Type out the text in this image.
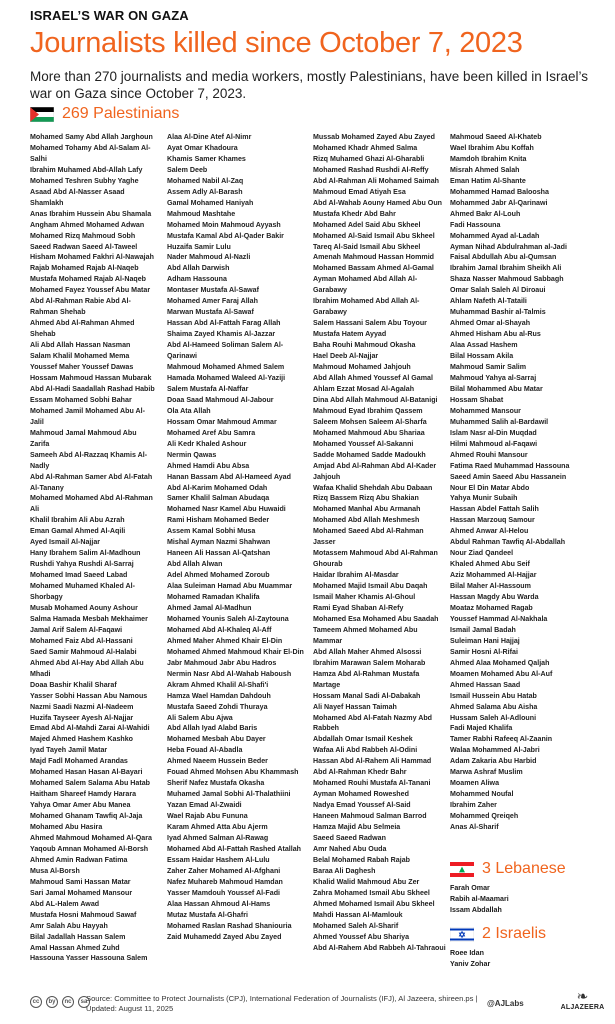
ISRAEL’S WAR ON GAZA
Journalists killed since October 7, 2023
More than 270 journalists and media workers, mostly Palestinians, have been killed in Israel’s war on Gaza since October 7, 2023.
269 Palestinians
Mohamed Samy Abd Allah Jarghoun
Mohamed Tohamy Abd Al-Salam Al-Salhi
Ibrahim Muhamed Abd-Allah Lafy
Mohamed Teshren Subhy Yaghe
Asaad Abd Al-Nasser Asaad Shamlakh
Anas Ibrahim Hussein Abu Shamala
Angham Ahmed Mohamed Adwan
Mohamed Rizq Mahmoud Sobh
Saeed Radwan Saeed Al-Taweel
Hisham Mohamed Fakhri Al-Nawajah
Rajab Mohamed Rajab Al-Naqeb
Mustafa Mohamed Rajab Al-Naqeb
Mohamed Fayez Youssef Abu Matar
Abd Al-Rahman Rabie Abd Al-Rahman Shehab
Ahmed Abd Al-Rahman Ahmed Shehab
Ali Abd Allah Hassan Nasman
Salam Khalil Mohamed Mema
Youssef Maher Youssef Dawas
Hossam Mahmoud Hassan Mubarak
Abd Al-Hadi Saadallah Rashad Habib
Essam Mohamed Sobhi Bahar
Mohamed Jamil Mohamed Abu Al-Jalil
Mahmoud Jamal Mahmoud Abu Zarifa
Sameeh Abd Al-Razzaq Khamis Al-Nadly
Abd Al-Rahman Samer Abd Al-Fatah Al-Tanany
Mohamed Mohamed Abd Al-Rahman Ali
Khalil Ibrahim Ali Abu Azrah
Eman Gamal Ahmed Al-Aqili
Ayed Ismail Al-Najjar
Hany Ibrahem Salim Al-Madhoun
Rushdi Yahya Rushdi Al-Sarraj
Mohamed Imad Saeed Labad
Mohamed Muhamed Khaled Al-Shorbagy
Musab Mohamed Aouny Ashour
Salma Hamada Mesbah Mekhaimer
Jamal Arif Salem Al-Faqawi
Mohamed Faiz Abd Al-Hassani
Saed Samir Mahmoud Al-Halabi
Ahmed Abd Al-Hay Abd Allah Abu Mhadi
Doaa Bashir Khalil Sharaf
Yasser Sobhi Hassan Abu Namous
Nazmi Saadi Nazmi Al-Nadeem
Huzifa Tayseer Ayesh Al-Najjar
Emad Abd Al-Mahdi Zarai Al-Wahidi
Majed Ahmed Hashem Kashko
Iyad Tayeh Jamil Matar
Majd Fadl Mohamed Arandas
Mohamed Hasan Hasan Al-Bayari
Mohamed Salem Salama Abu Hatab
Haitham Shareef Hamdy Harara
Yahya Omar Amer Abu Manea
Mohamed Ghanam Tawfiq Al-Jaja
Mohamed Abu Hasira
Ahmed Mahmoud Mohamed Al-Qara
Yaqoub Amnan Mohamed Al-Borsh
Ahmed Amin Radwan Fatima
Musa Al-Borsh
Mahmoud Sami Hassan Matar
Sari Jamal Mohamed Mansour
Abd AL-Halem Awad
Mustafa Hosni Mahmoud Sawaf
Amr Salah Abu Hayyah
Bilal Jadallah Hassan Salem
Amal Hassan Ahmed Zuhd
Hassouna Yasser Hassouna Salem
Alaa Al-Dine Atef Al-Nimr
Ayat Omar Khadoura
Khamis Samer Khames
Salem Deeb
Mohamed Nabil Al-Zaq
Assem Adly Al-Barash
Gamal Mohamed Haniyah
Mahmoud Mashtahe
Mohamed Moin Mahmoud Ayyash
Mustafa Kamal Abd Al-Qader Bakir
Huzaifa Samir Lulu
Nader Mahmoud Al-Nazli
Abd Allah Darwish
Adham Hassouna
Montaser Mustafa Al-Sawaf
Mohamed Amer Faraj Allah
Marwan Mustafa Al-Sawaf
Hassan Abd Al-Fattah Farag Allah
Shaima Zayed Khamis Al-Jazzar
Abd Al-Hameed Soliman Salem Al-Qarinawi
Mahmoud Mohamed Ahmed Salem
Hamada Mohamed Waleed Al-Yaziji
Salem Mustafa Al-Naffar
Doaa Saad Mahmoud Al-Jabour
Ola Ata Allah
Hossam Omar Mahmoud Ammar
Mohamed Aref Abu Samra
Ali Kedr Khaled Ashour
Nermin Qawas
Ahmed Hamdi Abu Absa
Hanan Bassam Abd Al-Hameed Ayad
Abd Al-Karim Mohamed Odah
Samer Khalil Salman Abudaqa
Mohamed Nasr Kamel Abu Huwaidi
Rami Hisham Mohamed Beder
Assem Kamal Sobhi Musa
Mishal Ayman Nazmi Shahwan
Haneen Ali Hassan Al-Qatshan
Abd Allah Alwan
Adel Ahmed Mohamed Zoroub
Alaa Suleiman Hamad Abu Muammar
Mohamed Ramadan Khalifa
Ahmed Jamal Al-Madhun
Mohamed Younis Saleh Al-Zaytouna
Mohamed Abd Al-Khaleq Al-Aff
Ahmed Maher Ahmed Khair El-Din
Mohamed Ahmed Mahmoud Khair El-Din
Jabr Mahmoud Jabr Abu Hadros
Nermin Nasr Abd Al-Wahab Haboush
Akram Ahmed Khalil Al-Shafi'i
Hamza Wael Hamdan Dahdouh
Mustafa Saeed Zohdi Thuraya
Ali Salem Abu Ajwa
Abd Allah Iyad Alabd Baris
Mohamed Mesbah Abu Dayer
Heba Fouad Al-Abadla
Ahmed Naeem Hussein Beder
Fouad Ahmed Mohsen Abu Khammash
Sherif Nafez Mustafa Okasha
Muhamed Jamal Sobhi Al-Thalathiini
Yazan Emad Al-Zwaidi
Wael Rajab Abu Fununa
Karam Ahmed Atta Abu Ajerm
Iyad Ahmed Salman Al-Rawag
Mohamed Abd Al-Fattah Rashed Atallah
Essam Haidar Hashem Al-Lulu
Zaher Zaher Mohamed Al-Afghani
Nafez Muhareb Mahmoud Hamdan
Yasser Mamdouh Youssef Al-Fadi
Alaa Hassan Ahmoud Al-Hams
Mutaz Mustafa Al-Ghafri
Mohamed Raslan Rashad Shaniouria
Zaid Muhamedd Zayed Abu Zayed
Mussab Mohamed Zayed Abu Zayed
Mohamed Khadr Ahmed Salma
Rizq Muhamed Ghazi Al-Gharabli
Mohamed Rashad Rushdi Al-Reffy
Abd Al-Rahman Ali Mohamed Saimah
Mahmoud Emad Atiyah Esa
Abd Al-Wahab Aouny Hamed Abu Oun
Mustafa Khedr Abd Bahr
Mohamed Adel Said Abu Skheel
Mohamed Al-Said Ismail Abu Skheel
Tareq Al-Said Ismail Abu Skheel
Amenah Mahmoud Hassan Hommid
Mohamed Bassam Ahmed Al-Gamal
Ayman Mohamed Abd Allah Al-Garabawy
Ibrahim Mohamed Abd Allah Al-Garabawy
Salem Hassani Salem Abu Toyour
Mustafa Hatem Ayyad
Baha Rouhi Mahmoud Okasha
Hael Deeb Al-Najjar
Mahmoud Mohamed Jahjouh
Abd Allah Ahmed Youssef Al Gamal
Ahlam Ezzat Mosad Al-Agalah
Dina Abd Allah Mahmoud Al-Batanigi
Mahmoud Eyad Ibrahim Qassem
Saleem Mohsen Saleem Al-Sharfa
Mohamed Mahmoud Abu Shariaa
Mohamed Youssef Al-Sakanni
Sadde Mohamed Sadde Madoukh
Amjad Abd Al-Rahman Abd Al-Kader Jahjouh
Wafaa Khalid Shehdah Abu Dabaan
Rizq Bassem Rizq Abu Shakian
Mohamed Manhal Abu Armanah
Mohamed Abd Allah Meshmesh
Mohamed Saeed Abd Al-Rahman Jasser
Motassem Mahmoud Abd Al-Rahman Ghourab
Haidar Ibrahim Al-Masdar
Mohamed Majid Ismail Abu Daqah
Ismail Maher Khamis Al-Ghoul
Rami Eyad Shaban Al-Refy
Mohamed Esa Mohamed Abu Saadah
Tameem Ahmed Mohamed Abu Mammar
Abd Allah Maher Ahmed Alsossi
Ibrahim Marawan Salem Moharab
Hamza Abd Al-Rahman Mustafa Martage
Hossam Manal Sadi Al-Dabakah
Ali Nayef Hassan Taimah
Mohamed Abd Al-Fatah Nazmy Abd Rabbeh
Abdallah Omar Ismail Keshek
Wafaa Ali Abd Rabbeh Al-Odini
Hassan Abd Al-Rahem Ali Hammad
Abd Al-Rahman Khedr Bahr
Mohamed Rouhi Mustafa Al-Tanani
Ayman Mohamed Roweshed
Nadya Emad Youssef Al-Said
Haneen Mahmoud Salman Barrod
Hamza Majid Abu Selmeia
Saeed Saeed Radwan
Amr Nahed Abu Ouda
Belal Mohamed Rabah Rajab
Baraa Ali Daghesh
Khalid Walid Mahmoud Abu Zer
Zahra Mohamed Ismail Abu Skheel
Ahmed Mohamed Ismail Abu Skheel
Mahdi Hassan Al-Mamlouk
Mohamed Saleh Al-Sharif
Ahmed Youssef Abu Shariya
Abd Al-Rahem Abd Rabbeh Al-Tahraoui
Mahmoud Saeed Al-Khateb
Wael Ibrahim Abu Koffah
Mamdoh Ibrahim Knita
Misrah Ahmed Salah
Eman Hatim Al-Shante
Mohammed Hamad Baloosha
Mohammed Jabr Al-Qarinawi
Ahmed Bakr Al-Louh
Fadi Hassouna
Mohammed Ayad al-Ladah
Ayman Nihad Abdulrahman al-Jadi
Faisal Abdullah Abu al-Qumsan
Ibrahim Jamal Ibrahim Sheikh Ali
Shaza Nasser Mahmoud Sabbagh
Omar Salah Saleh Al Diroaui
Ahlam Nafeth Al-Tataili
Muhammad Bashir al-Talmis
Ahmed Omar al-Shayah
Ahmed Hisham Abu al-Rus
Alaa Assad Hashem
Bilal Hossam Akila
Mahmoud Samir Salim
Mahmoud Yahya al-Sarraj
Bilal Mohammed Abu Matar
Hossam Shabat
Mohammed Mansour
Muhammed Salih al-Bardawil
Islam Nasr al-Din Muqdad
Hilmi Mahmoud al-Faqawi
Ahmed Rouhi Mansour
Fatima Raed Muhammad Hassouna
Saeed Amin Saeed Abu Hassanein
Nour El Din Matar Abdo
Yahya Munir Subaih
Hassan Abdel Fattah Salih
Hassan Marzouq Samour
Ahmed Anwar Al-Helou
Abdul Rahman Tawfiq Al-Abdallah
Nour Ziad Qandeel
Khaled Ahmed Abu Seif
Aziz Mohammed Al-Hajjar
Bilal Maher Al-Hassoum
Hassan Magdy Abu Warda
Moataz Mohamed Ragab
Youssef Hammad Al-Nakhala
Ismail Jamal Badah
Suleiman Hani Hajjaj
Samir Hosni Al-Rifai
Ahmed Alaa Mohamed Qaljah
Moamen Mohamed Abu Al-Auf
Ahmed Hassan Saad
Ismail Hussein Abu Hatab
Ahmed Salama Abu Aisha
Hussam Saleh Al-Adlouni
Fadi Majed Khalifa
Tamer Rabhi Rafeeq Al-Zaanin
Walaa Mohammed Al-Jabri
Adam Zakaria Abu Harbid
Marwa Ashraf Muslim
Moamen Aliwa
Mohammed Noufal
Ibrahim Zaher
Mohammed Qreiqeh
Anas Al-Sharif
3 Lebanese
Farah Omar
Rabih al-Maamari
Issam Abdallah
2 Israelis
Roee Idan
Yaniv Zohar
cc	by	nc	sa
Source: Committee to Protect Journalists (CPJ), International Federation of Journalists (IFJ), Al Jazeera, shireen.ps | Updated: August 11, 2025
@AJLabs	❧
ALJAZEERA
